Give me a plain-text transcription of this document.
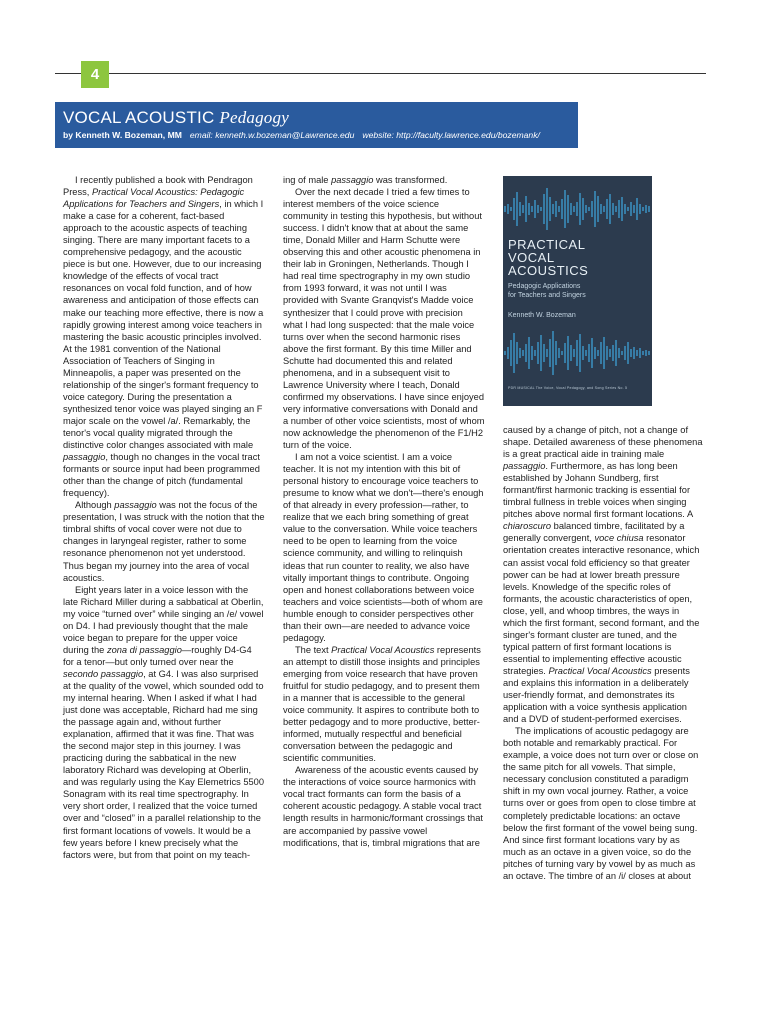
4
VOCAL ACOUSTIC Pedagogy
by Kenneth W. Bozeman, MM email: kenneth.w.bozeman@Lawrence.edu website: http://faculty.lawrence.edu/bozemank/

I recently published a book with Pendragon Press, Practical Vocal Acoustics: Pedagogic Applications for Teachers and Singers, in which I make a case for a coherent, fact-based approach to the acoustic aspects of teaching singing. There are many important facets to a comprehensive pedagogy, and the acoustic piece is but one. However, due to our increasing knowledge of the effects of vocal tract resonances on vocal fold function, and of how awareness and anticipation of those effects can make our teaching more effective, there is now a rapidly growing interest among voice teachers in mastering the basic acoustic principles involved.

At the 1981 convention of the National Association of Teachers of Singing in Minneapolis, a paper was presented on the relationship of the singer's formant frequency to voice category. During the presentation a synthesized tenor voice was played singing an F major scale on the vowel /a/. Remarkably, the tenor's vocal quality migrated through the distinctive color changes associated with male passaggio, though no changes in the vocal tract formants or source input had been programmed other than the change of pitch (fundamental frequency).

Although passaggio was not the focus of the presentation, I was struck with the notion that the timbral shifts of vocal cover were not due to changes in laryngeal register, rather to some resonance phenomenon not yet understood. Thus began my journey into the area of vocal acoustics.

Eight years later in a voice lesson with the late Richard Miller during a sabbatical at Oberlin, my voice “turned over” while singing an /e/ vowel on D4. I had previously thought that the male voice began to prepare for the upper voice during the zona di passaggio—roughly D4-G4 for a tenor—but only turned over near the secondo passaggio, at G4. I was also surprised at the quality of the vowel, which sounded odd to my internal hearing. When I asked if what I had just done was acceptable, Richard had me sing the passage again and, without further explanation, affirmed that it was fine. That was the second major step in this journey. I was practicing during the sabbatical in the new laboratory Richard was developing at Oberlin, and was regularly using the Kay Elemetrics 5500 Sonagram with its real time spectrography. In very short order, I realized that the voice turned over and “closed” in a parallel relationship to the first formant locations of vowels. It would be a few years before I knew precisely what the factors were, but from that point on my teach-

ing of male passaggio was transformed.

Over the next decade I tried a few times to interest members of the voice science community in testing this hypothesis, but without success. I didn't know that at about the same time, Donald Miller and Harm Schutte were observing this and other acoustic phenomena in their lab in Groningen, Netherlands. Though I had real time spectrography in my own studio from 1993 forward, it was not until I was provided with Svante Granqvist's Madde voice synthesizer that I could prove with precision what I had long suspected: that the male voice turns over when the second harmonic rises above the first formant. By this time Miller and Schutte had documented this and related phenomena, and in a subsequent visit to Lawrence University where I teach, Donald confirmed my observations. I have since enjoyed very informative conversations with Donald and a number of other voice scientists, most of whom now acknowledge the phenomenon of the F1/H2 turn of the voice.

I am not a voice scientist. I am a voice teacher. It is not my intention with this bit of personal history to encourage voice teachers to presume to know what we don't—there's enough of that already in every profession—rather, to realize that we each bring something of great value to the conversation. While voice teachers need to be open to learning from the voice science community, and willing to relinquish ideas that run counter to reality, we also have vitally important things to contribute. Ongoing open and honest collaborations between voice teachers and voice scientists—both of whom are humble enough to consider perspectives other than their own—are needed to advance voice pedagogy.

The text Practical Vocal Acoustics represents an attempt to distill those insights and principles emerging from voice research that have proven fruitful for studio pedagogy, and to present them in a manner that is accessible to the general voice community. It aspires to contribute both to better pedagogy and to more productive, better-informed, mutually respectful and beneficial conversation between the pedagogic and scientific communities.

Awareness of the acoustic events caused by the interactions of voice source harmonics with vocal tract formants can form the basis of a coherent acoustic pedagogy. A stable vocal tract length results in harmonic/formant crossings that are accompanied by passive vowel modifications, that is, timbral migrations that are

PRACTICAL
VOCAL
ACOUSTICS
Pedagogic Applications
for Teachers and Singers
Kenneth W. Bozeman
PDR MUSICAL The Voice, Vocal Pedagogy, and Song Series No. 5

caused by a change of pitch, not a change of shape. Detailed awareness of these phenomena is a great practical aide in training male passaggio. Furthermore, as has long been established by Johann Sundberg, first formant/first harmonic tracking is essential for timbral fullness in treble voices when singing pitches above normal first formant locations. A chiaroscuro balanced timbre, facilitated by a generally convergent, voce chiusa resonator orientation creates interactive resonance, which can assist vocal fold efficiency so that greater power can be had at lower breath pressure levels. Knowledge of the specific roles of formants, the acoustic characteristics of open, close, yell, and whoop timbres, the ways in which the first formant, second formant, and the singer's formant cluster are tuned, and the typical pattern of first formant locations is essential to implementing effective acoustic strategies. Practical Vocal Acoustics presents and explains this information in a deliberately user-friendly format, and demonstrates its application with a voice synthesis application and a DVD of student-performed exercises.

The implications of acoustic pedagogy are both notable and remarkably practical. For example, a voice does not turn over or close on the same pitch for all vowels. That simple, necessary conclusion constituted a paradigm shift in my own vocal journey. Rather, a voice turns over or goes from open to close timbre at completely predictable locations: an octave below the first formant of the vowel being sung. And since first formant locations vary by as much as an octave in a given voice, so do the pitches of turning vary by vowel by as much as an octave. The timbre of an /i/ closes at about
